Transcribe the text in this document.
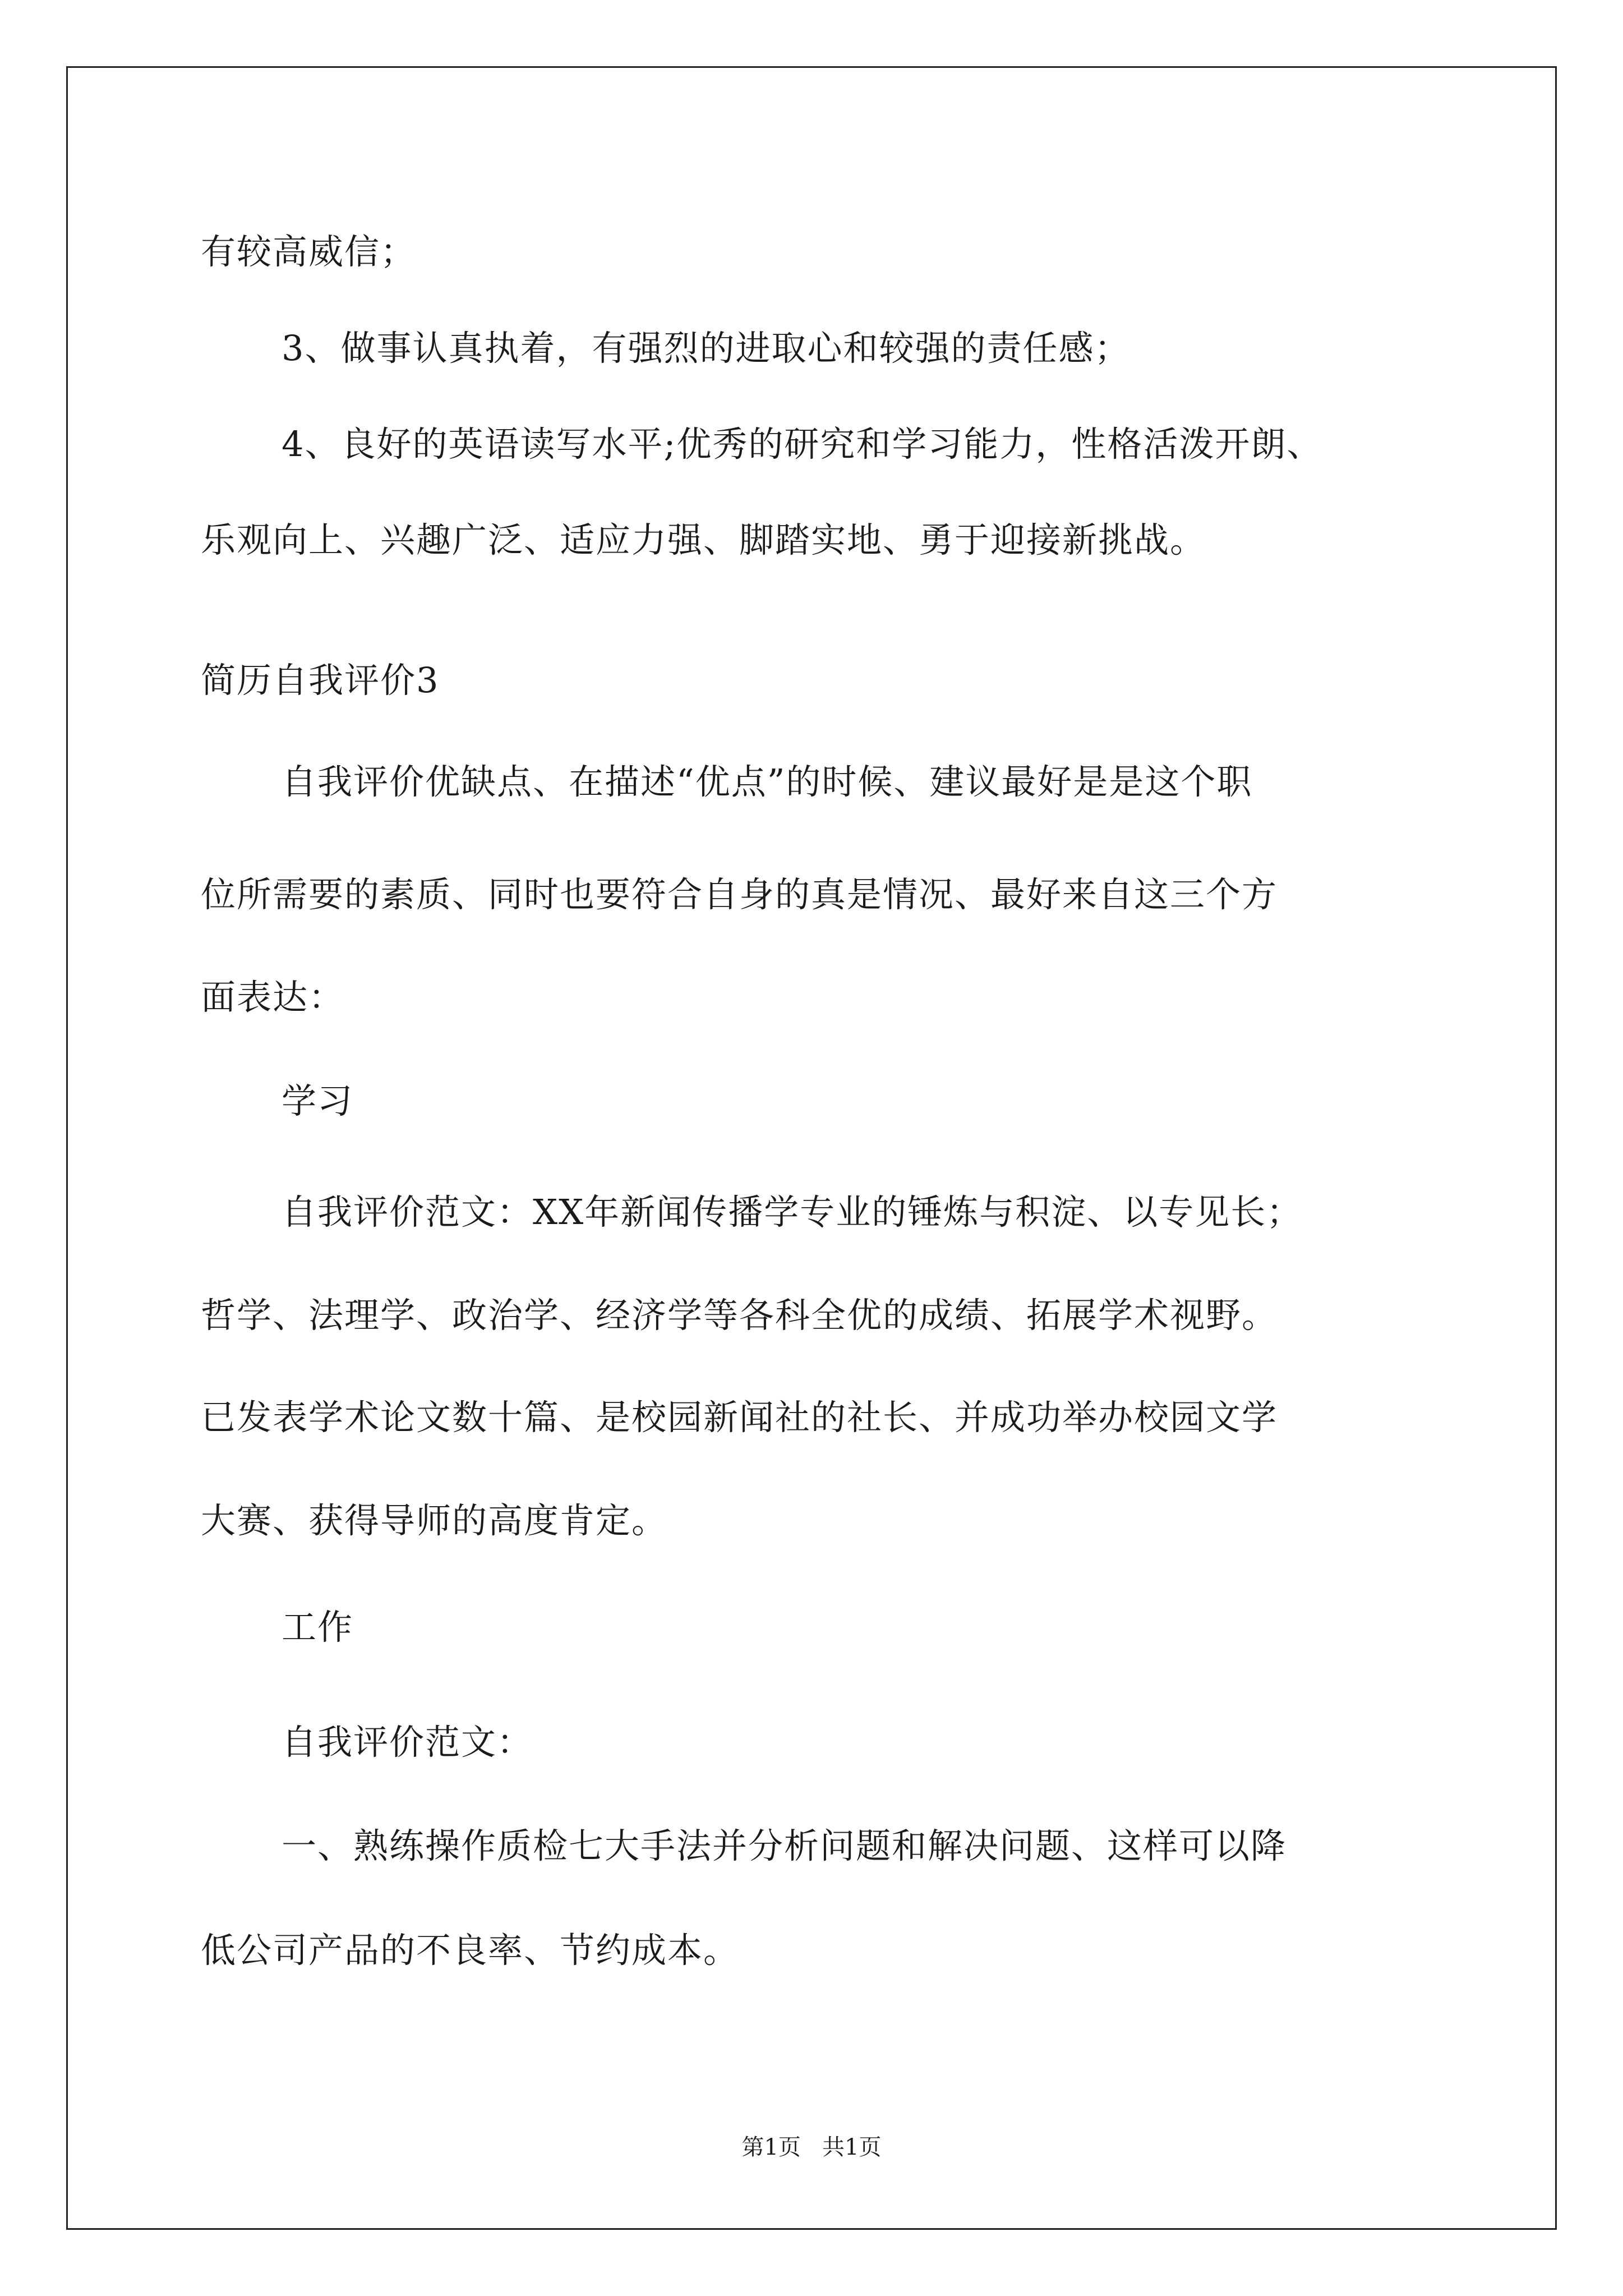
有较高威信；
3、做事认真执着，有强烈的进取心和较强的责任感；
4、良好的英语读写水平;优秀的研究和学习能力，性格活泼开朗、
乐观向上、兴趣广泛、适应力强、脚踏实地、勇于迎接新挑战。
简历自我评价3
自我评价优缺点、在描述“优点”的时候、建议最好是是这个职
位所需要的素质、同时也要符合自身的真是情况、最好来自这三个方
面表达：
学习
自我评价范文：XX年新闻传播学专业的锤炼与积淀、以专见长；
哲学、法理学、政治学、经济学等各科全优的成绩、拓展学术视野。
已发表学术论文数十篇、是校园新闻社的社长、并成功举办校园文学
大赛、获得导师的高度肯定。
工作
自我评价范文：
一、熟练操作质检七大手法并分析问题和解决问题、这样可以降
低公司产品的不良率、节约成本。
第1页   共1页
